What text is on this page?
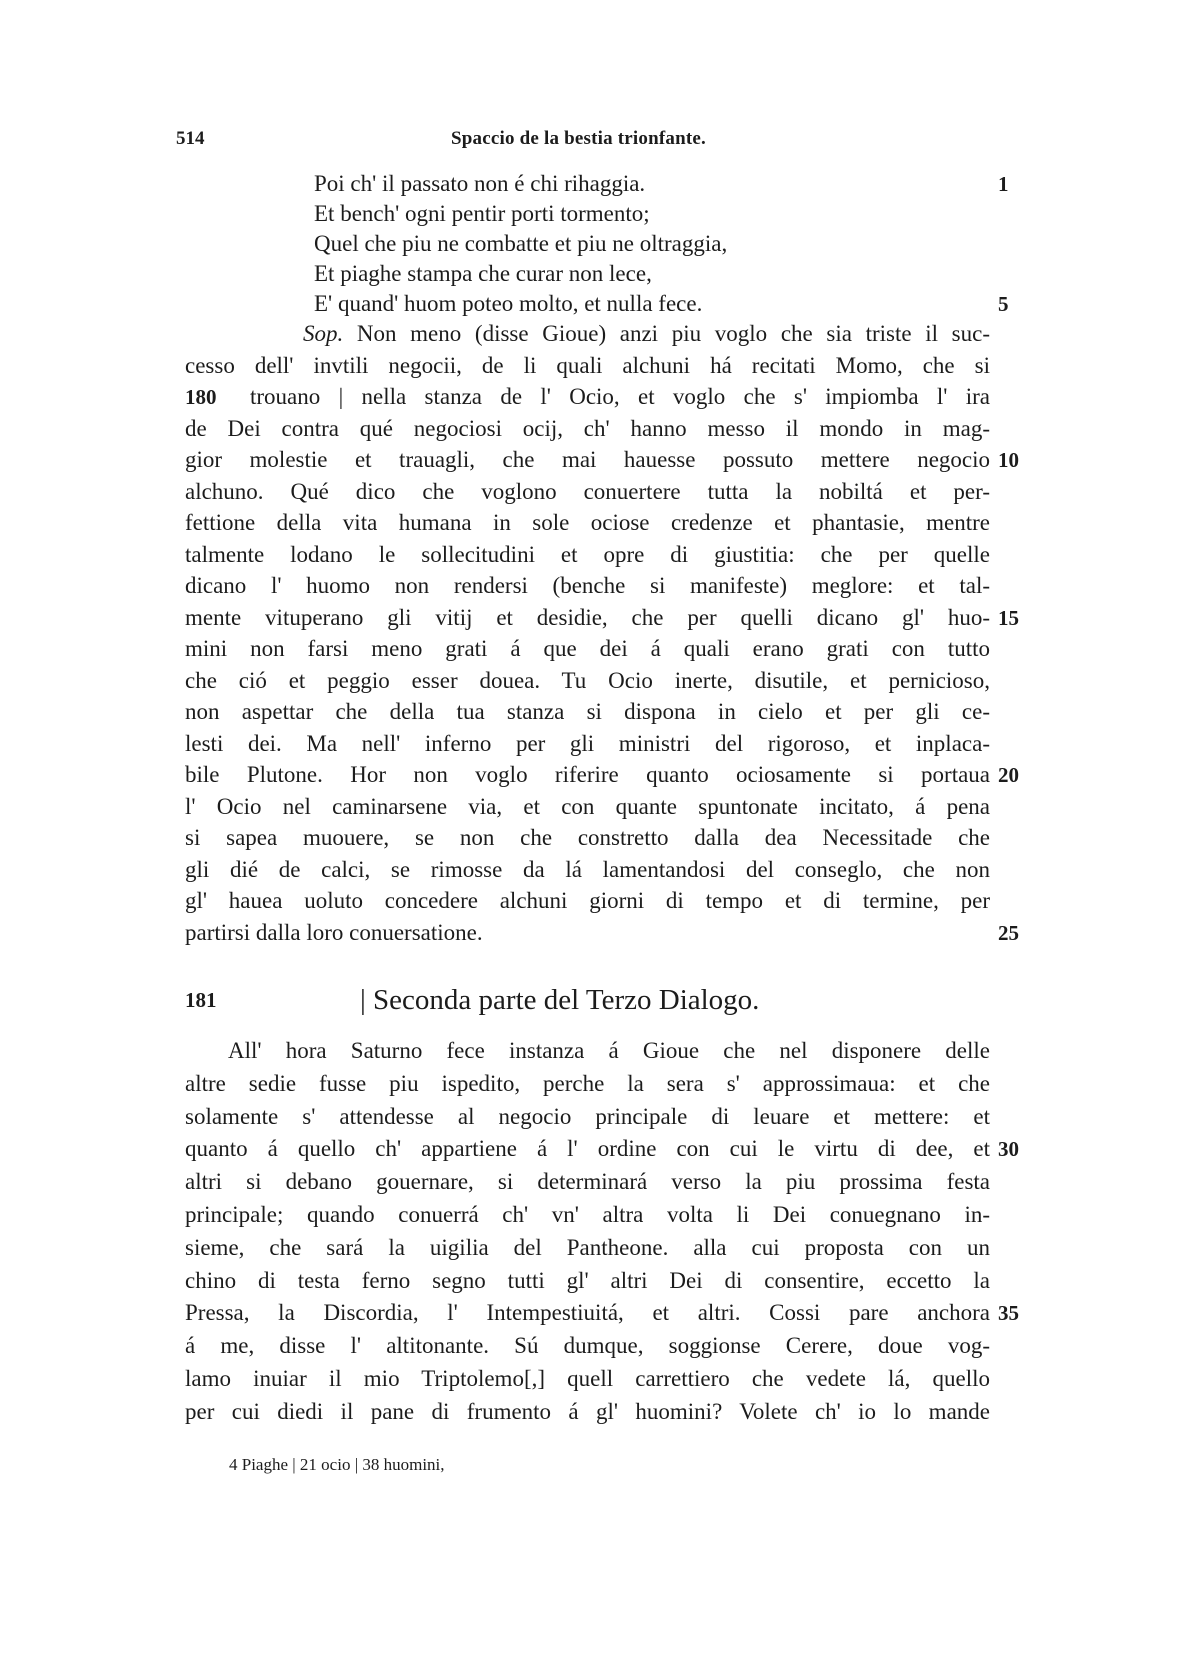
514	Spaccio de la bestia trionfante.
Poi ch' il passato non é chi rihaggia.	1
Et bench' ogni pentir porti tormento;
Quel che piu ne combatte et piu ne oltraggia,
Et piaghe stampa che curar non lece,
E' quand' huom poteo molto, et nulla fece.	5
Sop. Non meno (disse Gioue) anzi piu voglo che sia triste il suc-
cesso dell' invtili negocii, de li quali alchuni há recitati Momo, che si
trouano | nella stanza de l' Ocio, et voglo che s' impiomba l' ira
180
de Dei contra qué negociosi ocij, ch' hanno messo il mondo in mag-
gior molestie et trauagli, che mai hauesse possuto mettere negocio 10
alchuno. Qué dico che voglono conuertere tutta la nobiltá et per-
fettione della vita humana in sole ociose credenze et phantasie, mentre
talmente lodano le sollecitudini et opre di giustitia: che per quelle
dicano l' huomo non rendersi (benche si manifeste) meglore: et tal-
mente vituperano gli vitij et desidie, che per quelli dicano gl' huo- 15
mini non farsi meno grati á que dei á quali erano grati con tutto
che ció et peggio esser douea. Tu Ocio inerte, disutile, et pernicioso,
non aspettar che della tua stanza si dispona in cielo et per gli ce-
lesti dei. Ma nell' inferno per gli ministri del rigoroso, et inplaca-
bile Plutone. Hor non voglo riferire quanto ociosamente si portaua 20
l' Ocio nel caminarsene via, et con quante spuntonate incitato, á pena
si sapea muouere, se non che constretto dalla dea Necessitade che
gli dié de calci, se rimosse da lá lamentandosi del conseglo, che non
gl' hauea uoluto concedere alchuni giorni di tempo et di termine, per
partirsi dalla loro conuersatione.	25
181	| Seconda parte del Terzo Dialogo.
All' hora Saturno fece instanza á Gioue che nel disponere delle
altre sedie fusse piu ispedito, perche la sera s' approssimaua: et che
solamente s' attendesse al negocio principale di leuare et mettere: et
quanto á quello ch' appartiene á l' ordine con cui le virtu di dee, et 30
altri si debano gouernare, si determinará verso la piu prossima festa
principale; quando conuerrá ch' vn' altra volta li Dei conuegnano in-
sieme, che sará la uigilia del Pantheone. alla cui proposta con un
chino di testa ferno segno tutti gl' altri Dei di consentire, eccetto la
Pressa, la Discordia, l' Intempestiuitá, et altri. Cossi pare anchora 35
á me, disse l' altitonante. Sú dumque, soggionse Cerere, doue vog-
lamo inuiar il mio Triptolemo[,] quell carrettiero che vedete lá, quello
per cui diedi il pane di frumento á gl' huomini? Volete ch' io lo mande
4 Piaghe | 21 ocio | 38 huomini,
